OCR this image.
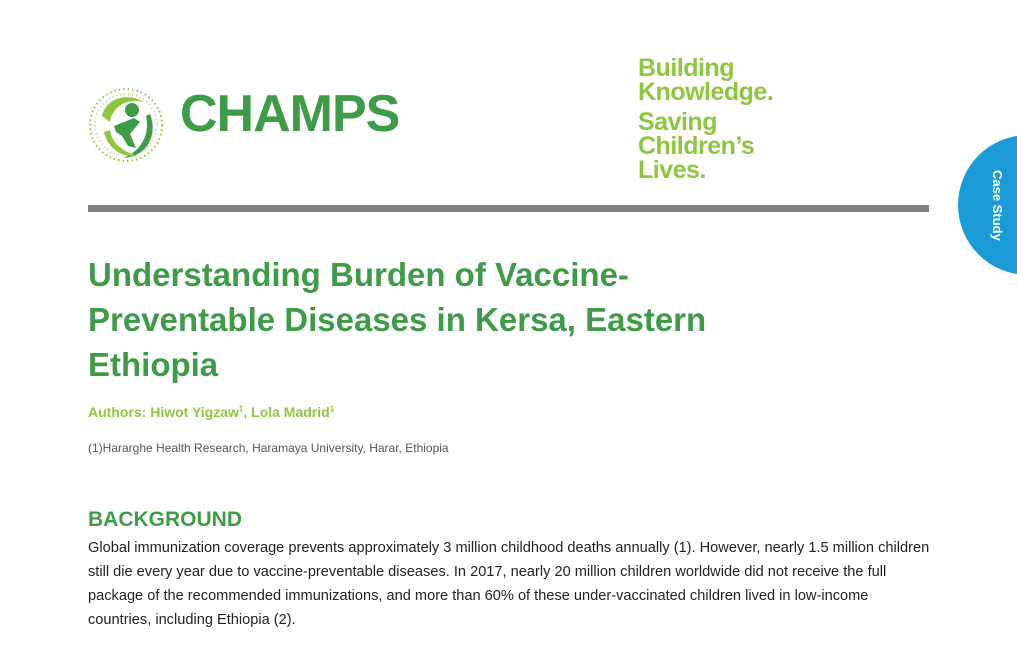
CHAMPS
Building
Knowledge.
Saving
Children’s
Lives.	Case Study
Understanding Burden of Vaccine-Preventable Diseases in Kersa, Eastern Ethiopia
Authors: Hiwot Yigzaw$^1$, Lola Madrid$^1$
(1)Hararghe Health Research, Haramaya University, Harar, Ethiopia
BACKGROUND

Global immunization coverage prevents approximately 3 million childhood deaths annually (1). However, nearly 1.5 million children still die every year due to vaccine-preventable diseases. In 2017, nearly 20 million children worldwide did not receive the full package of the recommended immunizations, and more than 60% of these under-vaccinated children lived in low-income countries, including Ethiopia (2).
